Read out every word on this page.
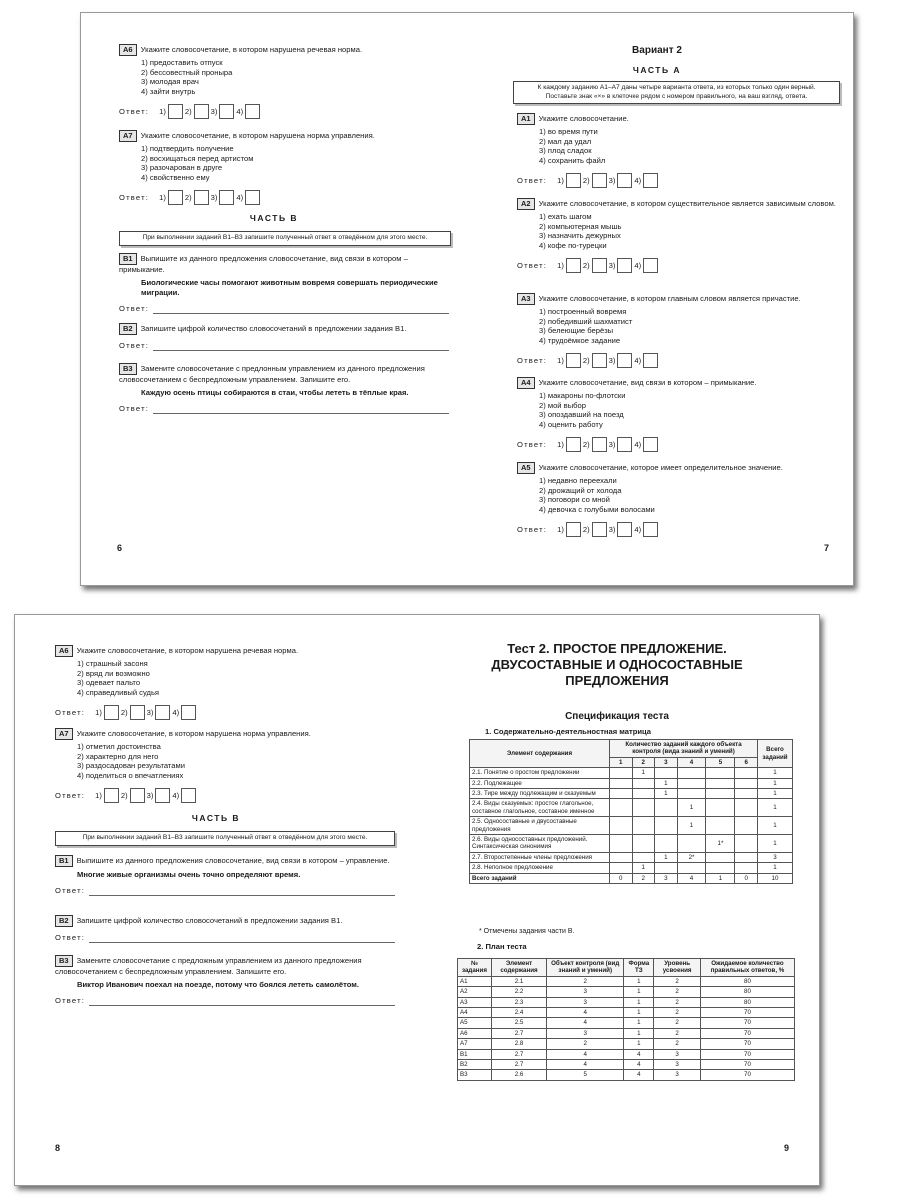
А6 Укажите словосочетание, в котором нарушена речевая норма.
1) предоставить отпуск
2) бессовестный проныра
3) молодая врач
4) зайти внутрь
Ответ: 1)	2)	3)	4)
А7 Укажите словосочетание, в котором нарушена норма управления.
1) подтвердить получение
2) восхищаться перед артистом
3) разочарован в друге
4) свойственно ему
Ответ: 1)	2)	3)	4)
ЧАСТЬ В
При выполнении заданий В1–В3 запишите полученный ответ в отведённом для этого месте.
В1 Выпишите из данного предложения словосочетание, вид связи в котором – примыкание.
Биологические часы помогают животным вовремя совершать периодические миграции.
Ответ:
В2 Запишите цифрой количество словосочетаний в предложении задания В1.
Ответ:
В3 Замените словосочетание с предлонным управлением из данного предложения словосочетанием с беспредложным управлением. Запишите его.
Каждую осень птицы собираются в стаи, чтобы лететь в тёплые края.
Ответ:
6
Вариант 2
ЧАСТЬ А
К каждому заданию А1–А7 даны четыре варианта ответа, из которых только один верный.
Поставьте знак «×» в клеточке рядом с номером правильного, на ваш взгляд, ответа.
А1 Укажите словосочетание.
1) во время пути
2) мал да удал
3) плод сладок
4) сохранить файл
Ответ: 1)	2)	3)	4)
А2 Укажите словосочетание, в котором существительное является зависимым словом.
1) ехать шагом
2) компьютерная мышь
3) назначить дежурных
4) кофе по-турецки
Ответ: 1)	2)	3)	4)
А3 Укажите словосочетание, в котором главным словом является причастие.
1) построенный вовремя
2) победивший шахматист
3) белеющие берёзы
4) трудоёмкое задание
Ответ: 1)	2)	3)	4)
А4 Укажите словосочетание, вид связи в котором – примыкание.
1) макароны по-флотски
2) мой выбор
3) опоздавший на поезд
4) оценить работу
Ответ: 1)	2)	3)	4)
А5 Укажите словосочетание, которое имеет определительное значение.
1) недавно переехали
2) дрожащий от холода
3) поговори со мной
4) девочка с голубыми волосами
Ответ: 1)	2)	3)	4)
7
А6 Укажите словосочетание, в котором нарушена речевая норма.
1) страшный засоня
2) вряд ли возможно
3) одевает пальто
4) справедливый судья
Ответ: 1)	2)	3)	4)
А7 Укажите словосочетание, в котором нарушена норма управления.
1) отметил достоинства
2) характерно для него
3) раздосадован результатами
4) поделиться о впечатлениях
Ответ: 1)	2)	3)	4)
ЧАСТЬ В
При выполнении заданий В1–В3 запишите полученный ответ в отведённом для этого месте.
В1 Выпишите из данного предложения словосочетание, вид связи в котором – управление.
Многие живые организмы очень точно определяют время.
Ответ:
В2 Запишите цифрой количество словосочетаний в предложении задания В1.
Ответ:
В3 Замените словосочетание с предложным управлением из данного предложения словосочетанием с беспредложным управлением. Запишите его.
Виктор Иванович поехал на поезде, потому что боялся лететь самолётом.
Ответ:
8
Тест 2. ПРОСТОЕ ПРЕДЛОЖЕНИЕ.
ДВУСОСТАВНЫЕ И ОДНОСОСТАВНЫЕ
ПРЕДЛОЖЕНИЯ
Спецификация теста
1. Содержательно-деятельностная матрица
Элемент содержания	Количество заданий каждого объекта контроля (вида знаний и умений)						Всего заданий
	1	2	3	4	5	6	
2.1. Понятие о простом предложении		1					1
2.2. Подлежащее			1				1
2.3. Тире между подлежащим и сказуемым			1				1
2.4. Виды сказуемых: простое глагольное, составное глагольное, составное именное				1			1
2.5. Односоставные и двусоставные предложения				1			1
2.6. Виды односоставных предложений. Синтаксическая синонимия					1*		1
2.7. Второстепенные члены предложения			1	2*			3
2.8. Неполное предложение		1					1
Всего заданий	0	2	3	4	1	0	10
* Отмечены задания части В.
2. План теста
№ задания	Элемент содержания	Объект контроля (вид знаний и умений)	Форма ТЗ	Уровень усвоения	Ожидаемое количество правильных ответов, %
А1	2.1	2	1	2	80
А2	2.2	3	1	2	80
А3	2.3	3	1	2	80
А4	2.4	4	1	2	70
А5	2.5	4	1	2	70
А6	2.7	3	1	2	70
А7	2.8	2	1	2	70
В1	2.7	4	4	3	70
В2	2.7	4	4	3	70
В3	2.6	5	4	3	70
9
